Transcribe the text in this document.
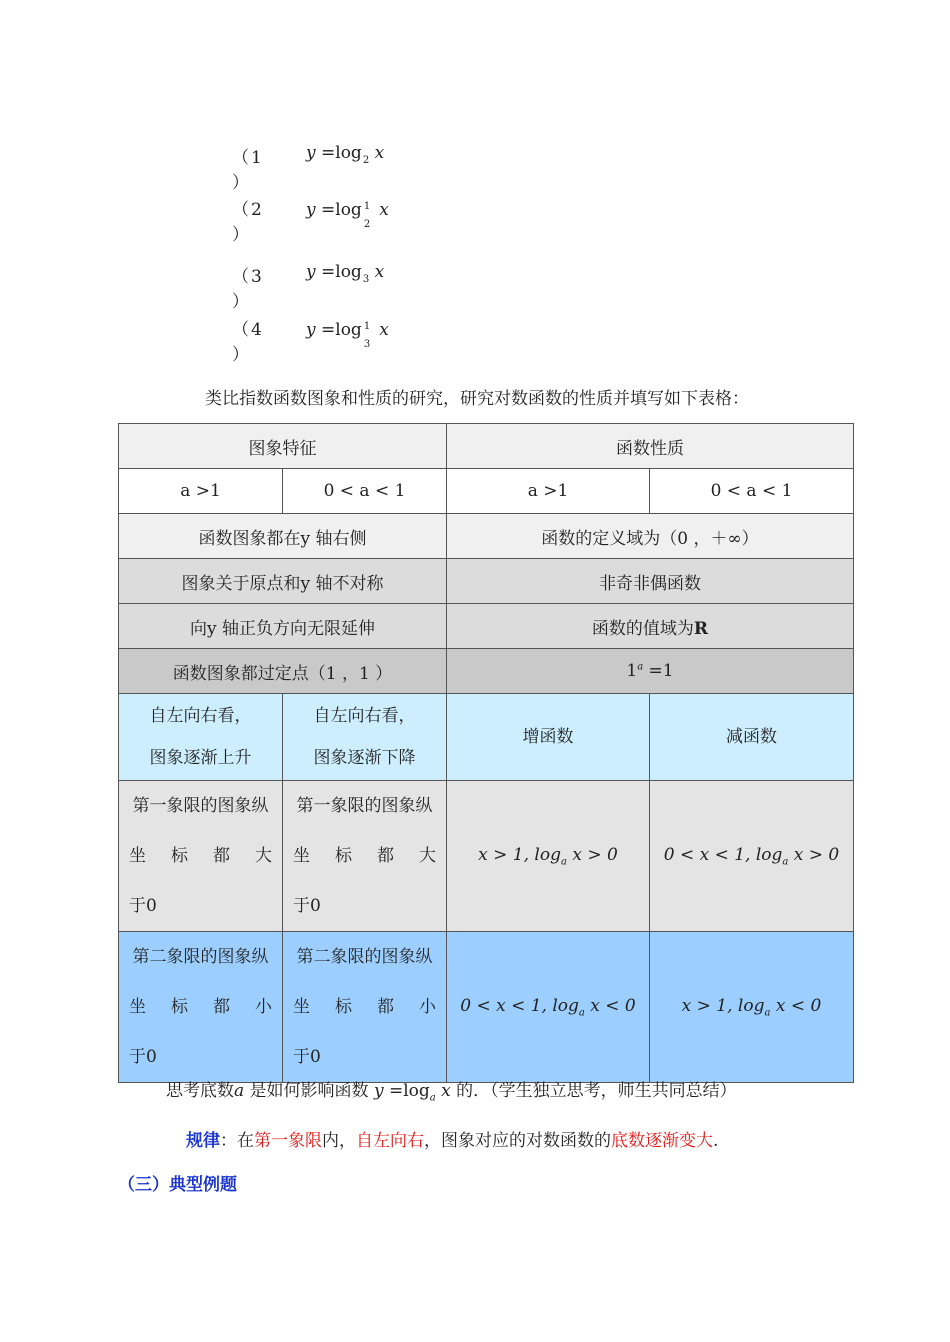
（1 ）
$y =\log_2$ x
（2 ）
y =log 1
2
x
（3 ）
$y =\log_3$ x
（4 ）
y =log 1
3
x
类比指数函数图象和性质的研究，研究对数函数的性质并填写如下表格：
图象特征		函数性质	
a >1	0 < a < 1	a >1	0 < a < 1
函数图象都在y 轴右侧		函数的定义域为（0 ，＋∞）	
图象关于原点和y 轴不对称		非奇非偶函数	
向y 轴正负方向无限延伸		函数的值域为R	
函数图象都过定点（1 ，1 ）		$1^a =1$	
自左向右看，
图象逐渐上升	自左向右看，
图象逐渐下降	增函数	减函数
第一象限的图象纵坐标都大
于0	第一象限的图象纵坐标都大
于0	x > 1, $\log_a x > 0$	0 < x < 1, $\log_a x > 0$
第二象限的图象纵坐标都小
于0	第二象限的图象纵坐标都小
于0	0 < x < 1, $\log_a x < 0$	x > 1, $\log_a x < 0$
思考底数a 是如何影响函数 $y =\log_a$ x 的．（学生独立思考，师生共同总结）
规律：在第一象限内，自左向右，图象对应的对数函数的底数逐渐变大.
（三）典型例题
